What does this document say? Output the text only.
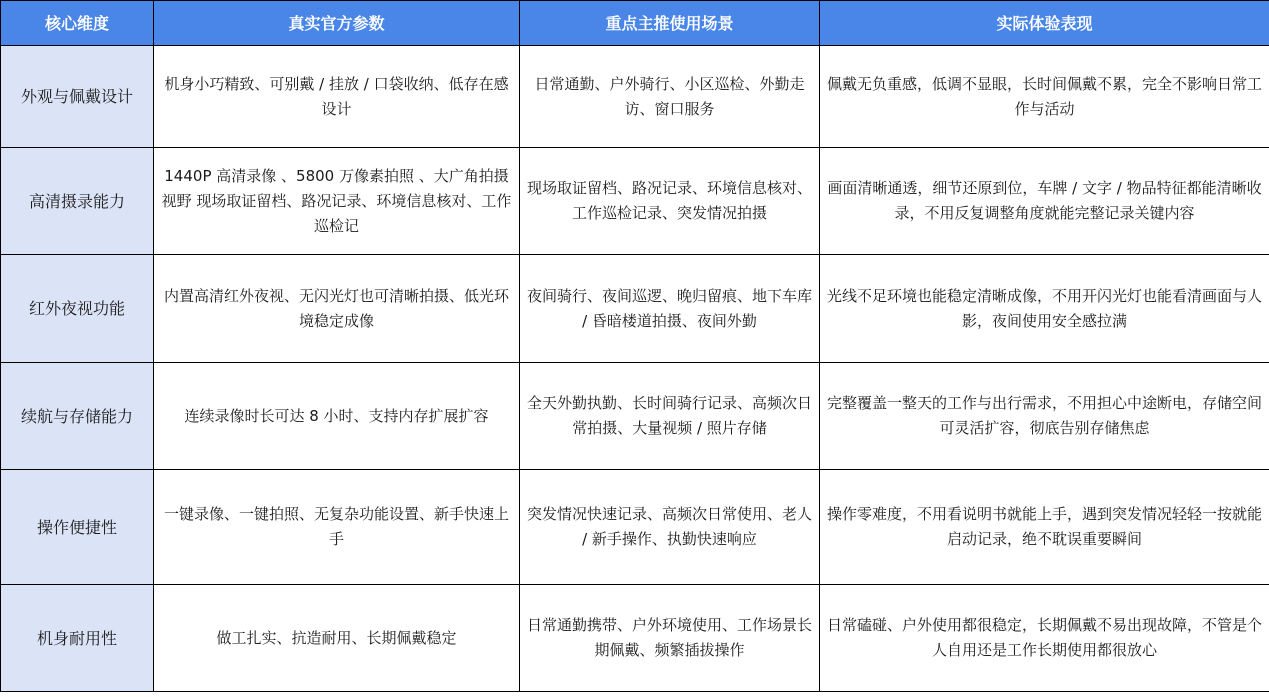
核心维度	真实官方参数	重点主推使用场景	实际体验表现
外观与佩戴设计	机身小巧精致、可别戴 / 挂放 / 口袋收纳、低存在感设计	日常通勤、户外骑行、小区巡检、外勤走访、窗口服务	佩戴无负重感，低调不显眼，长时间佩戴不累，完全不影响日常工作与活动
高清摄录能力	1440P 高清录像 、5800 万像素拍照 、大广角拍摄视野 现场取证留档、路况记录、环境信息核对、工作巡检记	现场取证留档、路况记录、环境信息核对、工作巡检记录、突发情况拍摄	画面清晰通透，细节还原到位，车牌 / 文字 / 物品特征都能清晰收录，不用反复调整角度就能完整记录关键内容
红外夜视功能	内置高清红外夜视、无闪光灯也可清晰拍摄、低光环境稳定成像	夜间骑行、夜间巡逻、晚归留痕、地下车库 / 昏暗楼道拍摄、夜间外勤	光线不足环境也能稳定清晰成像，不用开闪光灯也能看清画面与人影，夜间使用安全感拉满
续航与存储能力	连续录像时长可达 8 小时、支持内存扩展扩容	全天外勤执勤、长时间骑行记录、高频次日常拍摄、大量视频 / 照片存储	完整覆盖一整天的工作与出行需求，不用担心中途断电，存储空间可灵活扩容，彻底告别存储焦虑
操作便捷性	一键录像、一键拍照、无复杂功能设置、新手快速上手	突发情况快速记录、高频次日常使用、老人 / 新手操作、执勤快速响应	操作零难度，不用看说明书就能上手，遇到突发情况轻轻一按就能启动记录，绝不耽误重要瞬间
机身耐用性	做工扎实、抗造耐用、长期佩戴稳定	日常通勤携带、户外环境使用、工作场景长期佩戴、频繁插拔操作	日常磕碰、户外使用都很稳定，长期佩戴不易出现故障，不管是个人自用还是工作长期使用都很放心
